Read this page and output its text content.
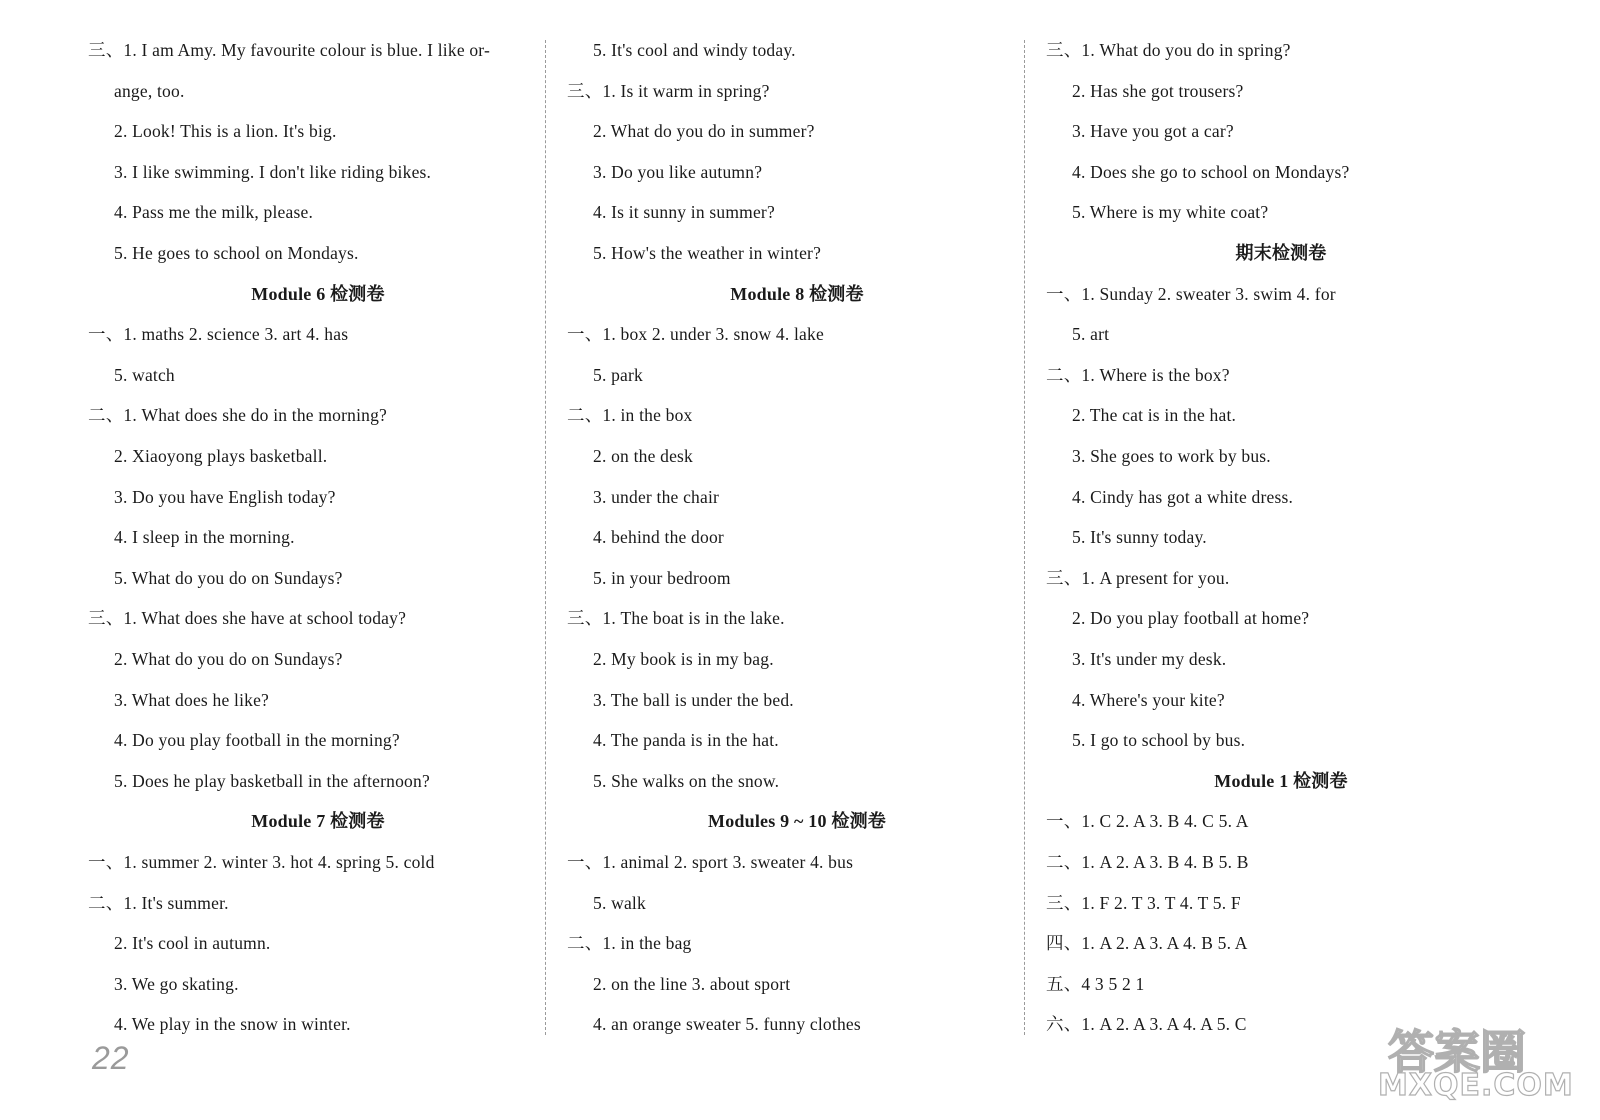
三、1. I am Amy. My favourite colour is blue. I like or-
ange, too.
2. Look! This is a lion. It's big.
3. I like swimming. I don't like riding bikes.
4. Pass me the milk, please.
5. He goes to school on Mondays.
Module 6 检测卷
一、1. maths 2. science 3. art 4. has
5. watch
二、1. What does she do in the morning?
2. Xiaoyong plays basketball.
3. Do you have English today?
4. I sleep in the morning.
5. What do you do on Sundays?
三、1. What does she have at school today?
2. What do you do on Sundays?
3. What does he like?
4. Do you play football in the morning?
5. Does he play basketball in the afternoon?
Module 7 检测卷
一、1. summer 2. winter 3. hot 4. spring 5. cold
二、1. It's summer.
2. It's cool in autumn.
3. We go skating.
4. We play in the snow in winter.
5. It's cool and windy today.
三、1. Is it warm in spring?
2. What do you do in summer?
3. Do you like autumn?
4. Is it sunny in summer?
5. How's the weather in winter?
Module 8 检测卷
一、1. box 2. under 3. snow 4. lake
5. park
二、1. in the box
2. on the desk
3. under the chair
4. behind the door
5. in your bedroom
三、1. The boat is in the lake.
2. My book is in my bag.
3. The ball is under the bed.
4. The panda is in the hat.
5. She walks on the snow.
Modules 9 ~ 10 检测卷
一、1. animal 2. sport 3. sweater 4. bus
5. walk
二、1. in the bag
2. on the line 3. about sport
4. an orange sweater 5. funny clothes
三、1. What do you do in spring?
2. Has she got trousers?
3. Have you got a car?
4. Does she go to school on Mondays?
5. Where is my white coat?
期末检测卷
一、1. Sunday 2. sweater 3. swim 4. for
5. art
二、1. Where is the box?
2. The cat is in the hat.
3. She goes to work by bus.
4. Cindy has got a white dress.
5. It's sunny today.
三、1. A present for you.
2. Do you play football at home?
3. It's under my desk.
4. Where's your kite?
5. I go to school by bus.
Module 1 检测卷
一、1. C 2. A 3. B 4. C 5. A
二、1. A 2. A 3. B 4. B 5. B
三、1. F 2. T 3. T 4. T 5. F
四、1. A 2. A 3. A 4. B 5. A
五、4 3 5 2 1
六、1. A 2. A 3. A 4. A 5. C
22	答案圈
MXQE.COM
